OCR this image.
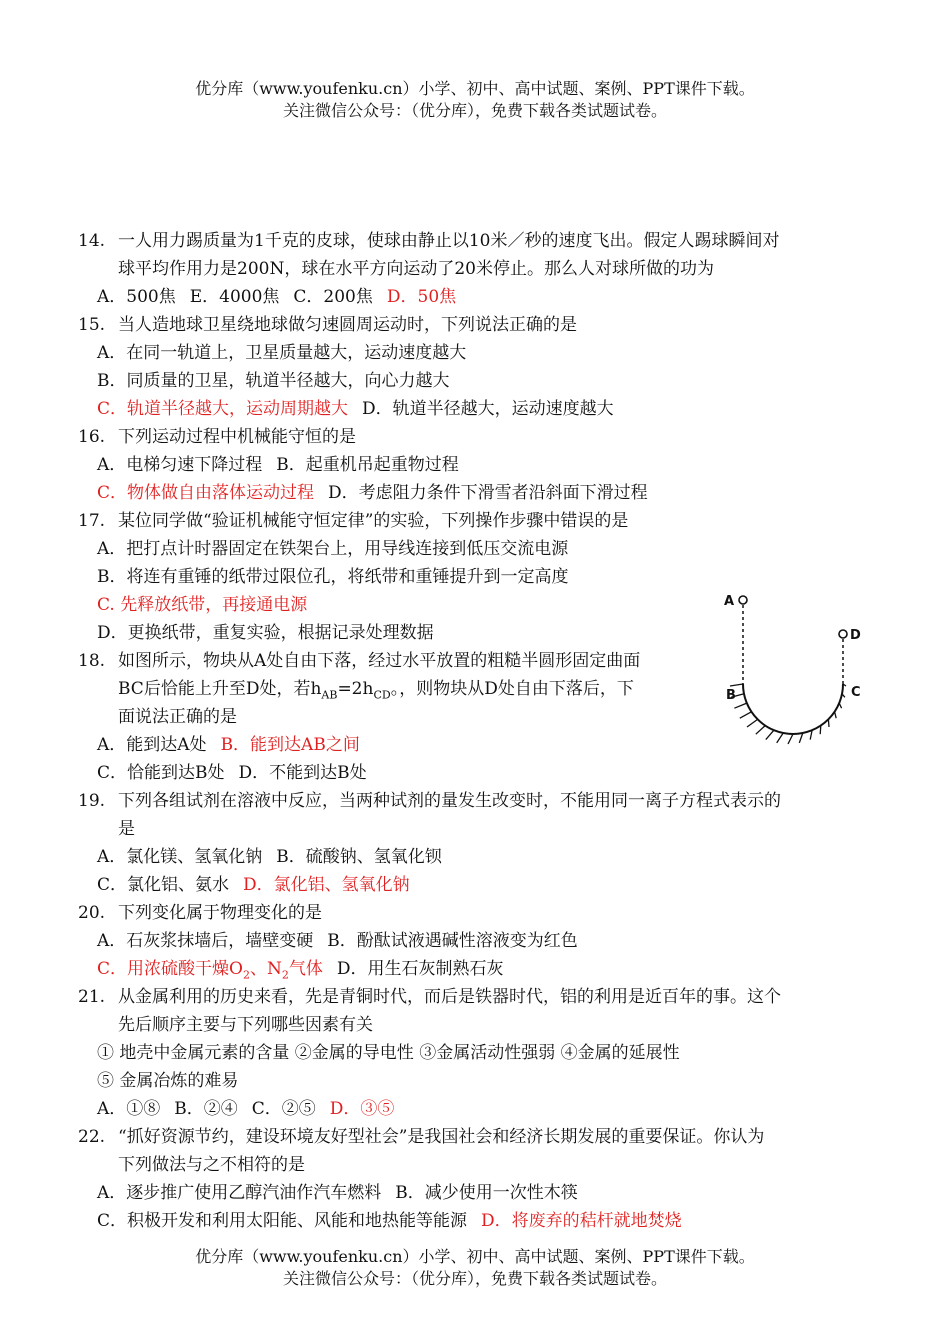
优分库（www.youfenku.cn）小学、初中、高中试题、案例、PPT课件下载。
关注微信公众号：（优分库），免费下载各类试题试卷。
14. 一人用力踢质量为1千克的皮球，使球由静止以10米／秒的速度飞出。假定人踢球瞬间对
球平均作用力是200N，球在水平方向运动了20米停止。那么人对球所做的功为
A．500焦 E．4000焦 C．200焦 D．50焦
15. 当人造地球卫星绕地球做匀速圆周运动时，下列说法正确的是
A．在同一轨道上，卫星质量越大，运动速度越大
B．同质量的卫星，轨道半径越大，向心力越大
C．轨道半径越大，运动周期越大 D．轨道半径越大，运动速度越大
16. 下列运动过程中机械能守恒的是
A．电梯匀速下降过程 B．起重机吊起重物过程
C．物体做自由落体运动过程 D．考虑阻力条件下滑雪者沿斜面下滑过程
17. 某位同学做“验证机械能守恒定律”的实验，下列操作步骤中错误的是
A．把打点计时器固定在铁架台上，用导线连接到低压交流电源
B．将连有重锤的纸带过限位孔，将纸带和重锤提升到一定高度
C. 先释放纸带，再接通电源
D．更换纸带，重复实验，根据记录处理数据
18. 如图所示，物块从A处自由下落，经过水平放置的粗糙半圆形固定曲面
BC后恰能上升至D处，若$h_{AB}=2h_{CD}$。，则物块从D处自由下落后，下
面说法正确的是
A．能到达A处 B．能到达AB之间
C．恰能到达B处 D．不能到达B处
19. 下列各组试剂在溶液中反应，当两种试剂的量发生改变时，不能用同一离子方程式表示的
是
A．氯化镁、氢氧化钠 B．硫酸钠、氢氧化钡
C．氯化铝、氨水 D．氯化铝、氢氧化钠
20. 下列变化属于物理变化的是
A．石灰浆抹墙后，墙壁变硬 B．酚酞试液遇碱性溶液变为红色
C．用浓硫酸干燥$O_2$、$N_2$气体 D．用生石灰制熟石灰
21. 从金属利用的历史来看，先是青铜时代，而后是铁器时代，铝的利用是近百年的事。这个
先后顺序主要与下列哪些因素有关
① 地壳中金属元素的含量 ②金属的导电性 ③金属活动性强弱 ④金属的延展性
⑤ 金属冶炼的难易
A．①⑧ B．②④ C．②⑤ D．③⑤
22. “抓好资源节约，建设环境友好型社会”是我国社会和经济长期发展的重要保证。你认为
下列做法与之不相符的是
A．逐步推广使用乙醇汽油作汽车燃料 B．减少使用一次性木筷
C．积极开发和利用太阳能、风能和地热能等能源 D．将废弃的秸杆就地焚烧
A
D
B	C
优分库（www.youfenku.cn）小学、初中、高中试题、案例、PPT课件下载。
关注微信公众号：（优分库），免费下载各类试题试卷。
